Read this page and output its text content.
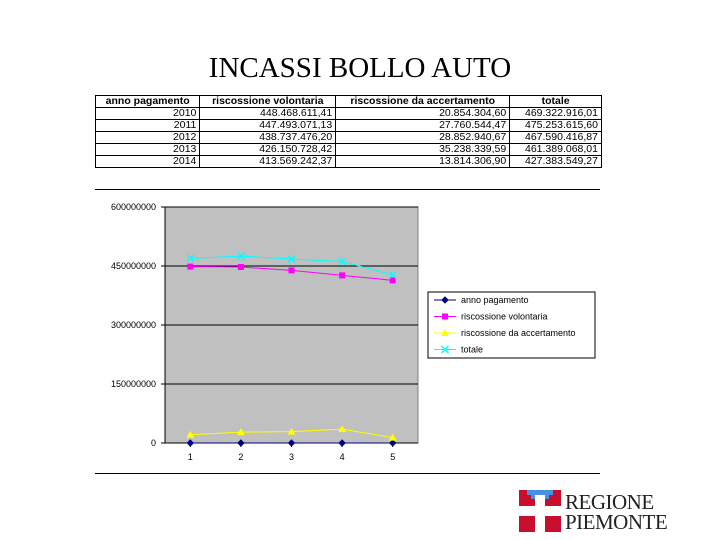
INCASSI BOLLO AUTO
anno pagamento	riscossione volontaria	riscossione da accertamento	totale
2010	448.468.611,41	20.854.304,60	469.322.916,01
2011	447.493.071,13	27.760.544,47	475.253.615,60
2012	438.737.476,20	28.852.940,67	467.590.416,87
2013	426.150.728,42	35.238.339,59	461.389.068,01
2014	413.569.242,37	13.814.306,90	427.383.549,27
600000000
450000000
300000000
150000000
0
1	2	3	4	5
anno pagamento
riscossione volontaria
riscossione da accertamento
totale
REGIONE
PIEMONTE
